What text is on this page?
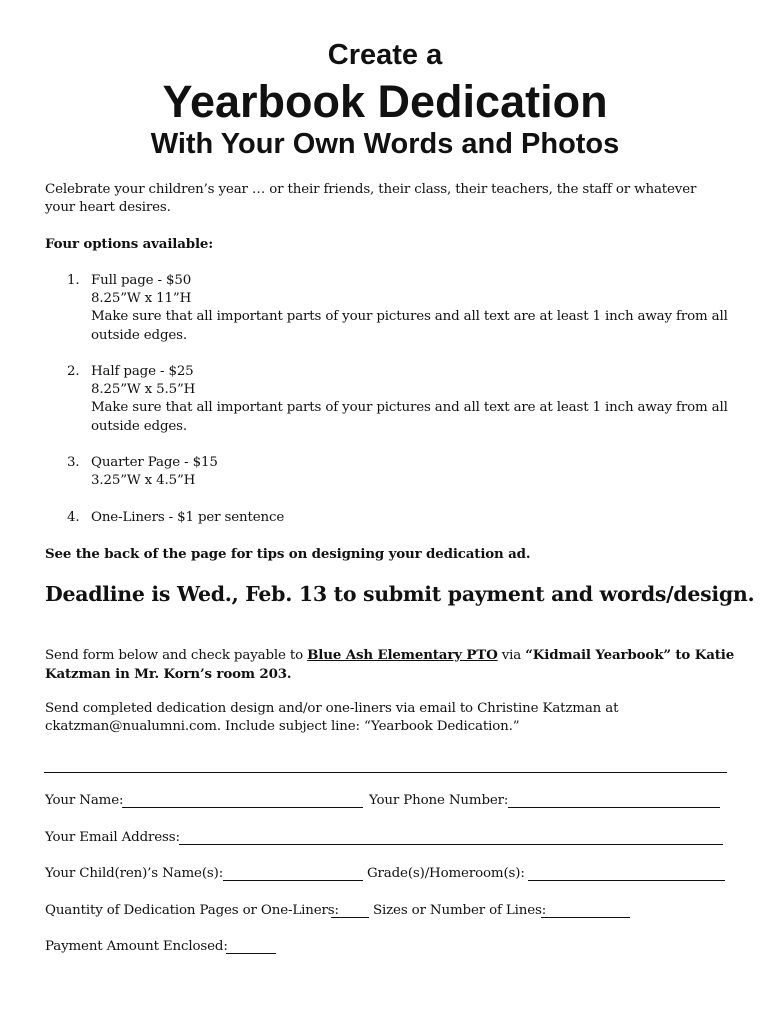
Create a
Yearbook Dedication
With Your Own Words and Photos
Celebrate your children’s year … or their friends, their class, their teachers, the staff or whatever your heart desires.
Four options available:
1. Full page - $50
8.25”W x 11”H
Make sure that all important parts of your pictures and all text are at least 1 inch away from all outside edges.
2. Half page - $25
8.25”W x 5.5”H
Make sure that all important parts of your pictures and all text are at least 1 inch away from all outside edges.
3. Quarter Page - $15
3.25”W x 4.5”H
4. One-Liners - $1 per sentence
See the back of the page for tips on designing your dedication ad.
Deadline is Wed., Feb. 13 to submit payment and words/design.
Send form below and check payable to Blue Ash Elementary PTO via “Kidmail Yearbook” to Katie Katzman in Mr. Korn’s room 203.
Send completed dedication design and/or one-liners via email to Christine Katzman at ckatzman@nualumni.com. Include subject line: “Yearbook Dedication.”
Your Name:	Your Phone Number:
Your Email Address:
Your Child(ren)’s Name(s):	Grade(s)/Homeroom(s):
Quantity of Dedication Pages or One-Liners:	Sizes or Number of Lines:
Payment Amount Enclosed:
